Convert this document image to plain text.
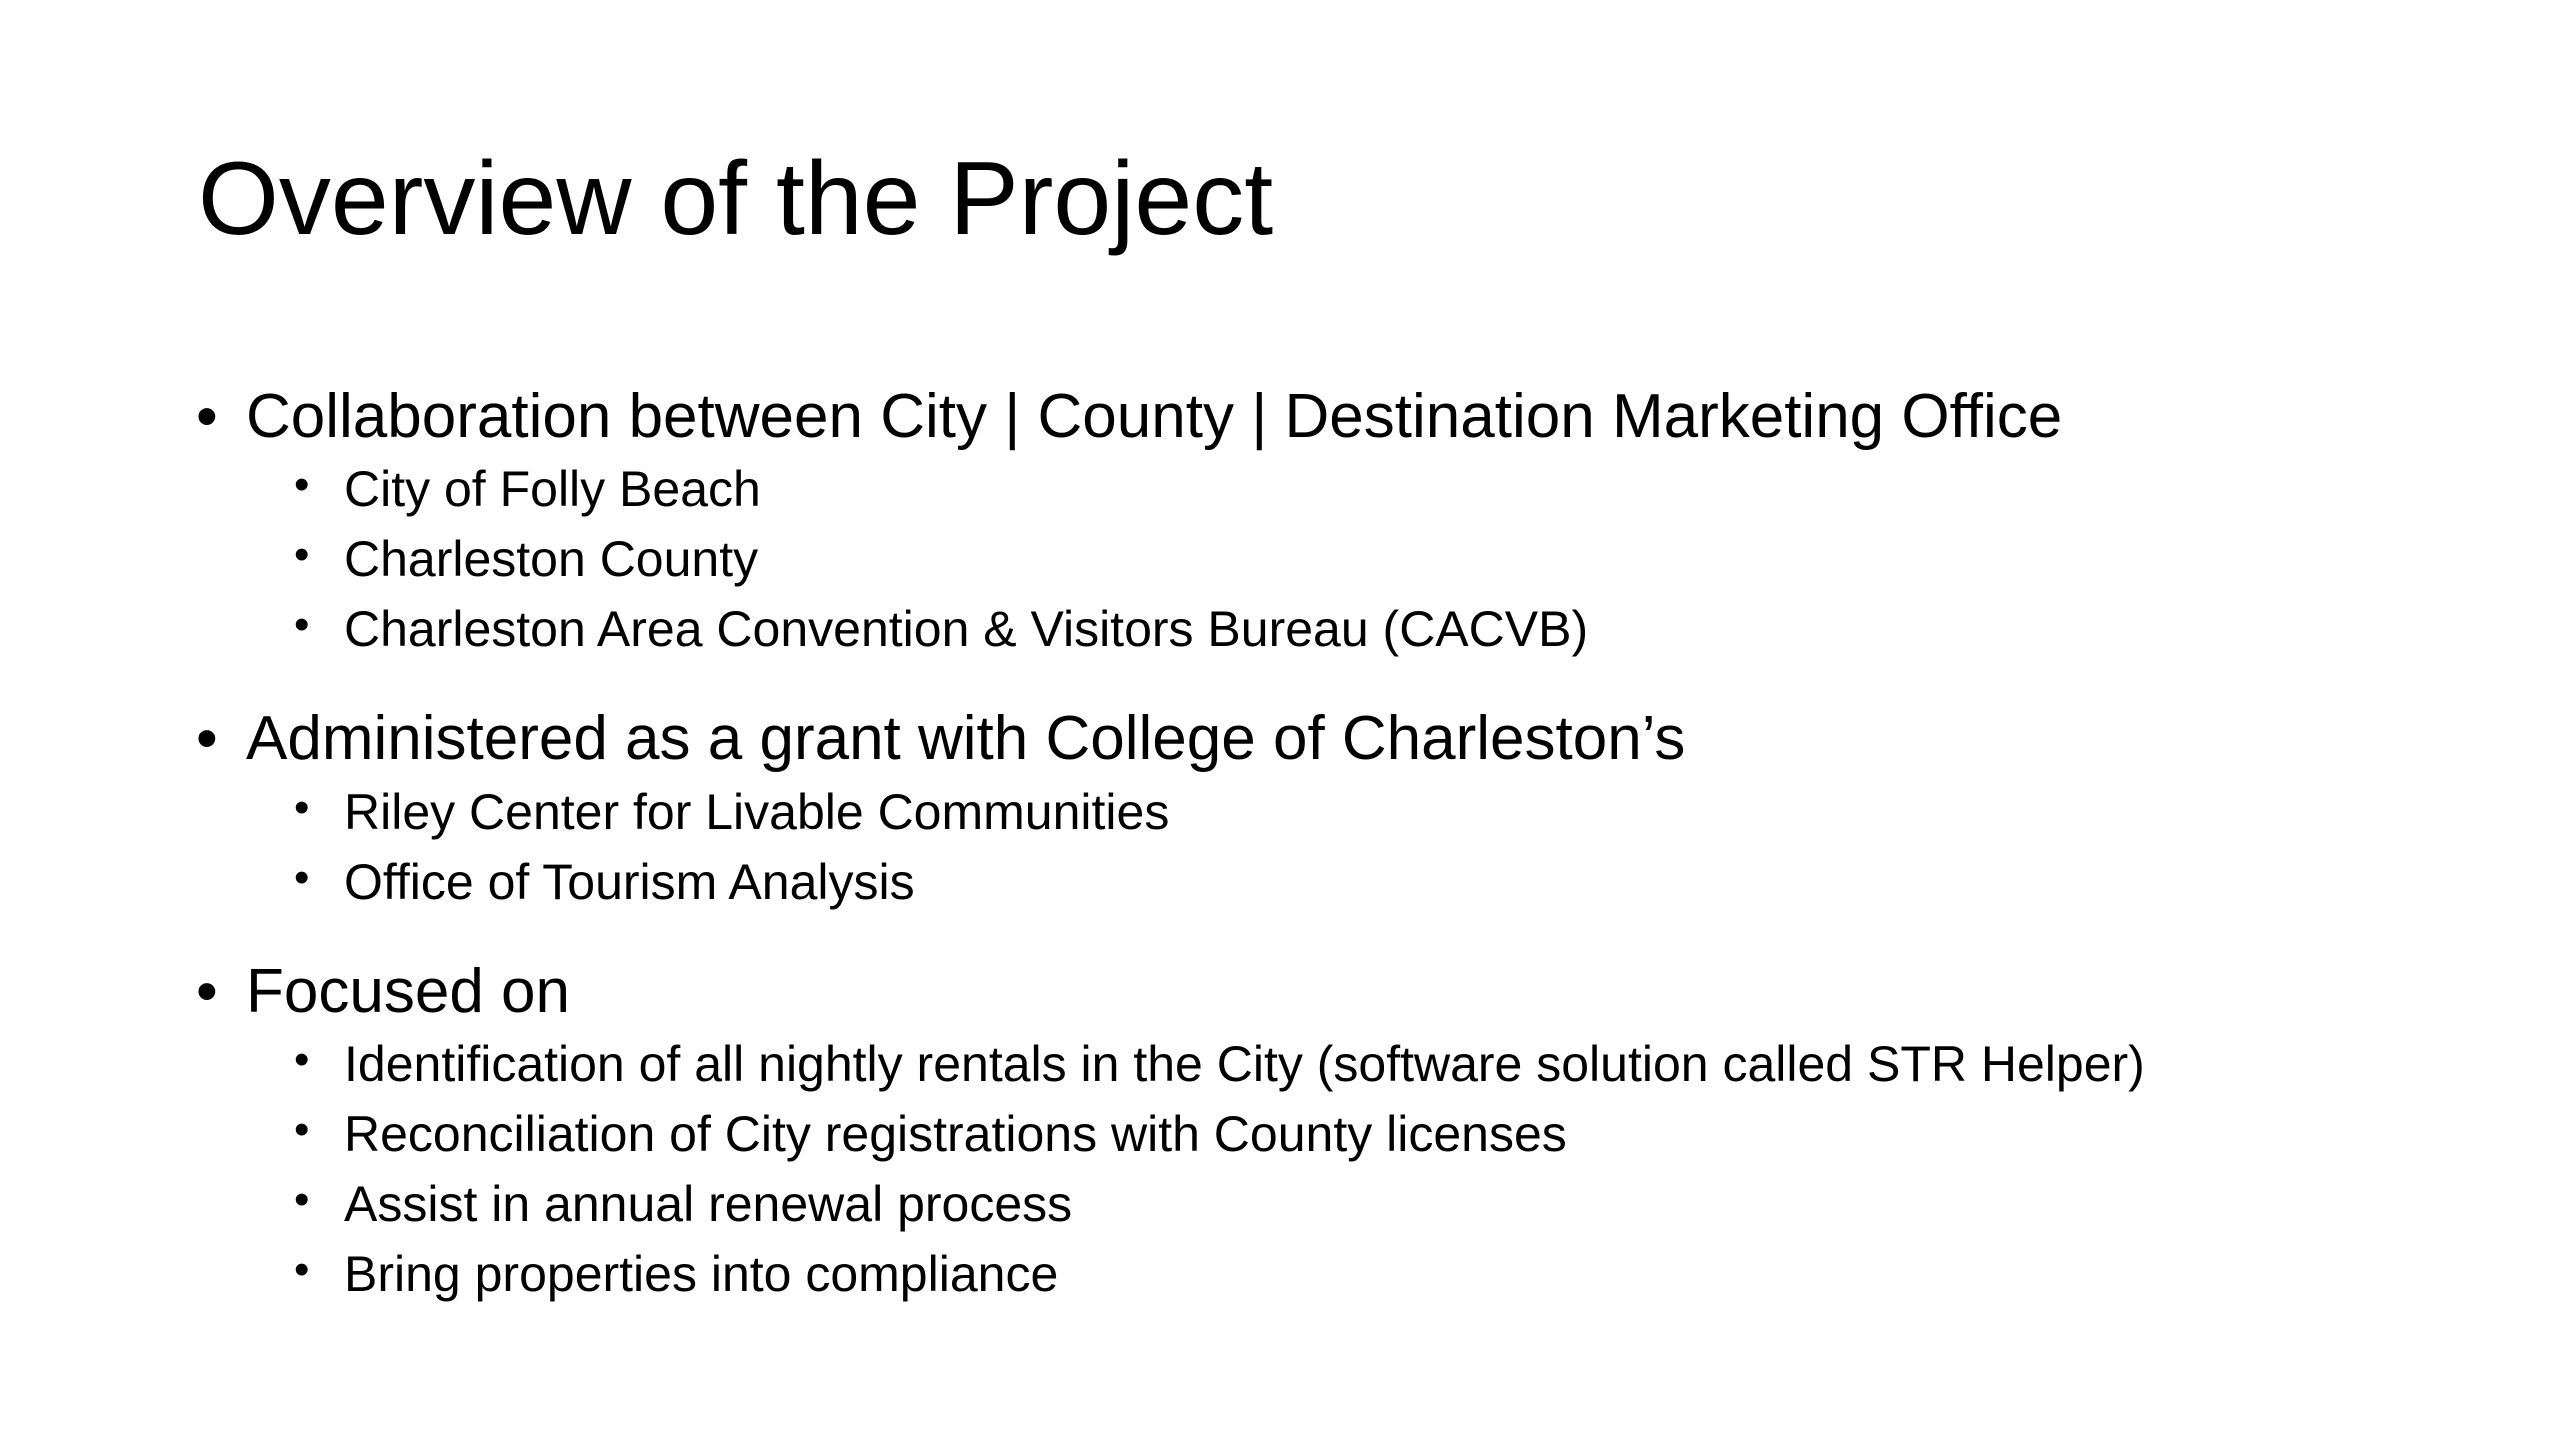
Overview of the Project
• Collaboration between City | County | Destination Marketing Office
• City of Folly Beach
• Charleston County
• Charleston Area Convention & Visitors Bureau (CACVB)
• Administered as a grant with College of Charleston’s
• Riley Center for Livable Communities
• Office of Tourism Analysis
• Focused on
• Identification of all nightly rentals in the City (software solution called STR Helper)
• Reconciliation of City registrations with County licenses
• Assist in annual renewal process
• Bring properties into compliance
